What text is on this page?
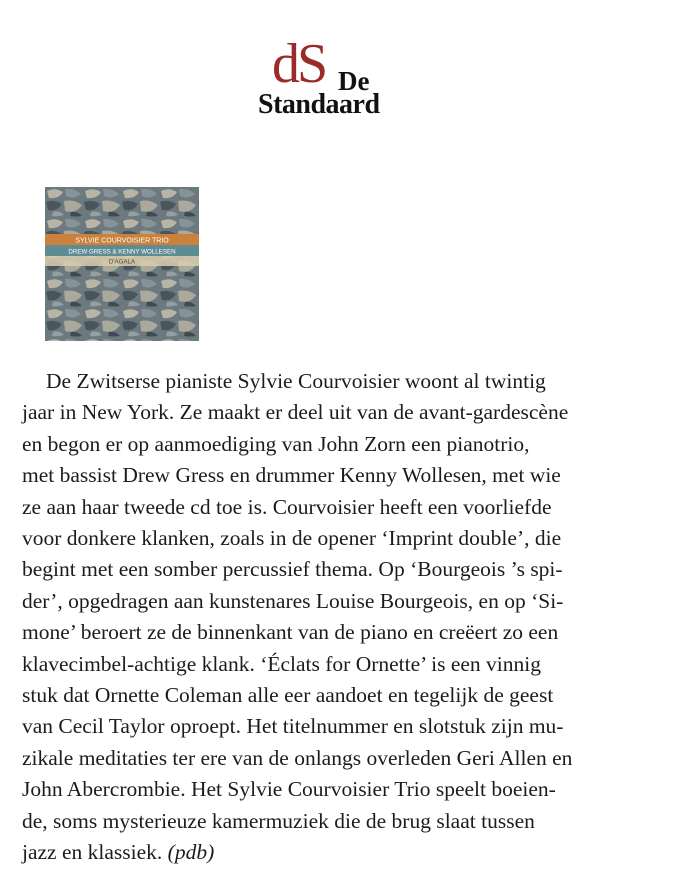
dS De
Standaard
SYLVIE COURVOISIER TRIO
DREW GRESS & KENNY WOLLESEN
D'AGALA
De Zwitserse pianiste Sylvie Courvoisier woont al twintig
jaar in New York. Ze maakt er deel uit van de avant-gardescène
en begon er op aanmoediging van John Zorn een pianotrio,
met bassist Drew Gress en drummer Kenny Wollesen, met wie
ze aan haar tweede cd toe is. Courvoisier heeft een voorliefde
voor donkere klanken, zoals in de opener ‘Imprint double’, die
begint met een somber percussief thema. Op ‘Bourgeois ’s spi-
der’, opgedragen aan kunstenares Louise Bourgeois, en op ‘Si-
mone’ beroert ze de binnenkant van de piano en creëert zo een
klavecimbel-achtige klank. ‘Éclats for Ornette’ is een vinnig
stuk dat Ornette Coleman alle eer aandoet en tegelijk de geest
van Cecil Taylor oproept. Het titelnummer en slotstuk zijn mu-
zikale meditaties ter ere van de onlangs overleden Geri Allen en
John Abercrombie. Het Sylvie Courvoisier Trio speelt boeien-
de, soms mysterieuze kamermuziek die de brug slaat tussen
jazz en klassiek. (pdb)
